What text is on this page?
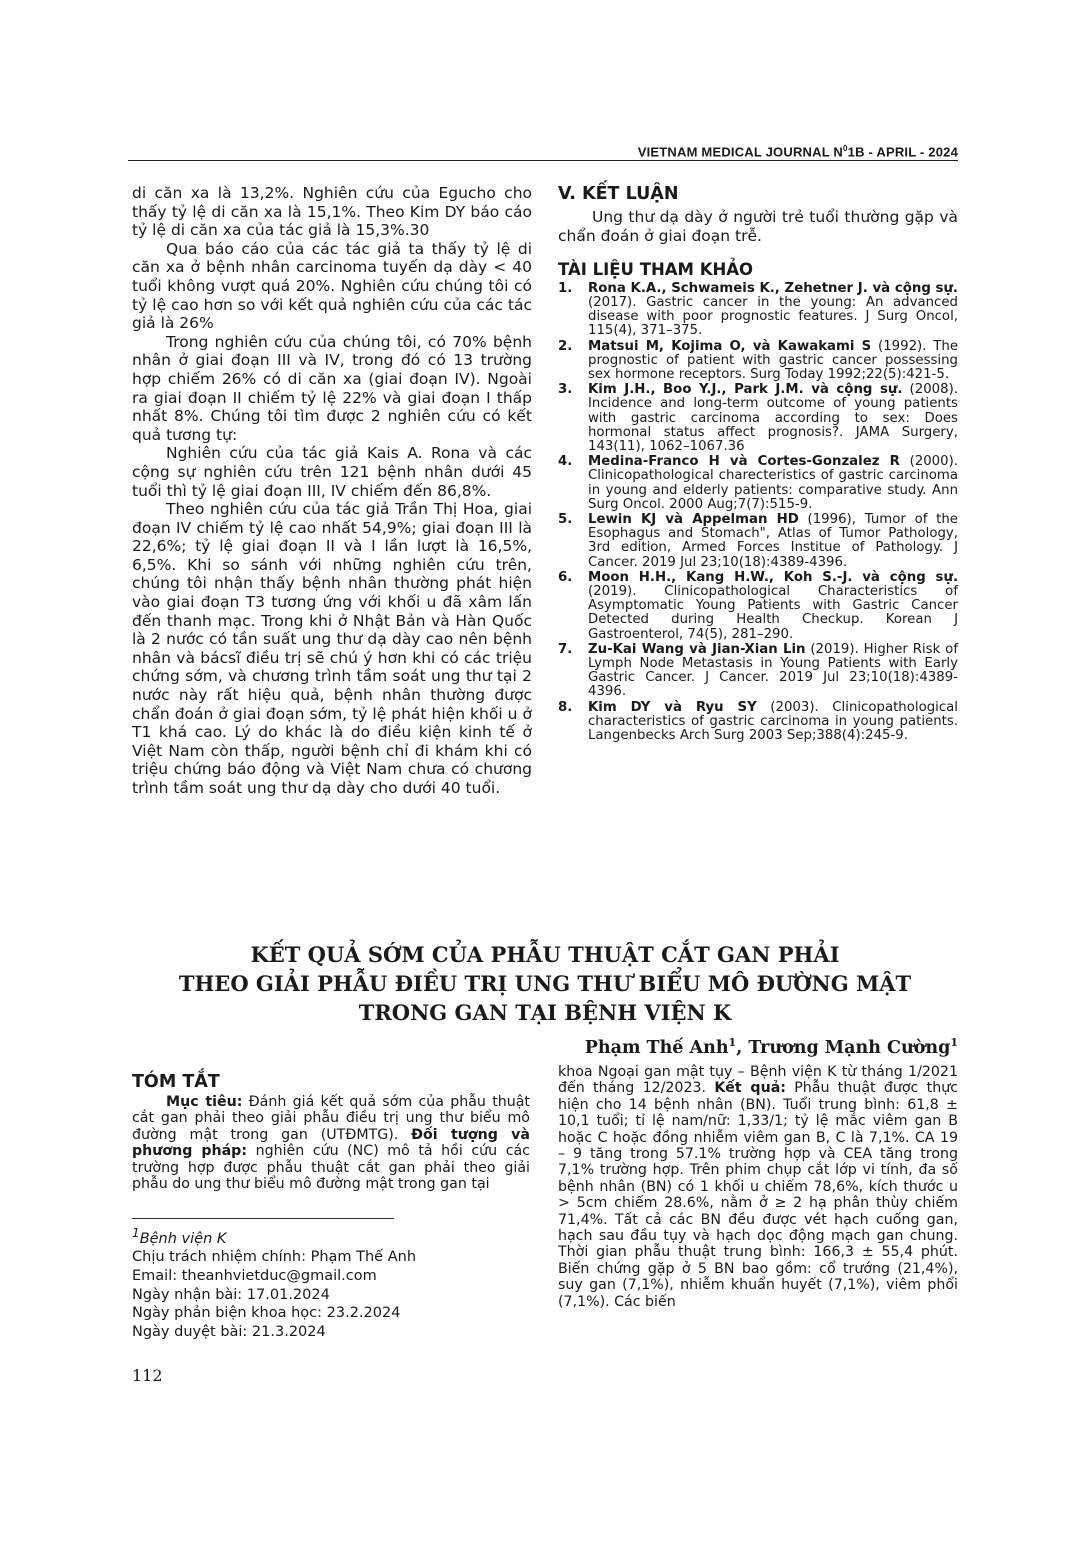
VIETNAM MEDICAL JOURNAL $N^01B$ - APRIL - 2024

di căn xa là 13,2%. Nghiên cứu của Egucho cho thấy tỷ lệ di căn xa là 15,1%. Theo Kim DY báo cáo tỷ lệ di căn xa của tác giả là 15,3%.30

Qua báo cáo của các tác giả ta thấy tỷ lệ di căn xa ở bệnh nhân carcinoma tuyến dạ dày < 40 tuổi không vượt quá 20%. Nghiên cứu chúng tôi có tỷ lệ cao hơn so với kết quả nghiên cứu của các tác giả là 26%

Trong nghiên cứu của chúng tôi, có 70% bệnh nhân ở giai đoạn III và IV, trong đó có 13 trường hợp chiếm 26% có di căn xa (giai đoạn IV). Ngoài ra giai đoạn II chiếm tỷ lệ 22% và giai đoạn I thấp nhất 8%. Chúng tôi tìm được 2 nghiên cứu có kết quả tương tự:

Nghiên cứu của tác giả Kais A. Rona và các cộng sự nghiên cứu trên 121 bệnh nhân dưới 45 tuổi thì tỷ lệ giai đoạn III, IV chiếm đến 86,8%.

Theo nghiên cứu của tác giả Trần Thị Hoa, giai đoạn IV chiếm tỷ lệ cao nhất 54,9%; giai đoạn III là 22,6%; tỷ lệ giai đoạn II và I lần lượt là 16,5%, 6,5%. Khi so sánh với những nghiên cứu trên, chúng tôi nhận thấy bệnh nhân thường phát hiện vào giai đoạn T3 tương ứng với khối u đã xâm lấn đến thanh mạc. Trong khi ở Nhật Bản và Hàn Quốc là 2 nước có tần suất ung thư dạ dày cao nên bệnh nhân và bácsĩ điều trị sẽ chú ý hơn khi có các triệu chứng sớm, và chương trình tầm soát ung thư tại 2 nước này rất hiệu quả, bệnh nhân thường được chẩn đoán ở giai đoạn sớm, tỷ lệ phát hiện khối u ở T1 khá cao. Lý do khác là do điều kiện kinh tế ở Việt Nam còn thấp, người bệnh chỉ đi khám khi có triệu chứng báo động và Việt Nam chưa có chương trình tầm soát ung thư dạ dày cho dưới 40 tuổi.

V. KẾT LUẬN

Ung thư dạ dày ở người trẻ tuổi thường gặp và chẩn đoán ở giai đoạn trễ.

TÀI LIỆU THAM KHẢO
1. Rona K.A., Schwameis K., Zehetner J. và cộng sự. (2017). Gastric cancer in the young: An advanced disease with poor prognostic features. J Surg Oncol, 115(4), 371–375.
2. Matsui M, Kojima O, và Kawakami S (1992). The prognostic of patient with gastric cancer possessing sex hormone receptors. Surg Today 1992;22(5):421-5.
3. Kim J.H., Boo Y.J., Park J.M. và cộng sự. (2008). Incidence and long-term outcome of young patients with gastric carcinoma according to sex: Does hormonal status affect prognosis?. JAMA Surgery, 143(11), 1062–1067.36
4. Medina-Franco H và Cortes-Gonzalez R (2000). Clinicopathological charecteristics of gastric carcinoma in young and elderly patients: comparative study. Ann Surg Oncol. 2000 Aug;7(7):515-9.
5. Lewin KJ và Appelman HD (1996), Tumor of the Esophagus and Stomach", Atlas of Tumor Pathology, 3rd edition, Armed Forces Institue of Pathology. J Cancer. 2019 Jul 23;10(18):4389-4396.
6. Moon H.H., Kang H.W., Koh S.-J. và cộng sự. (2019). Clinicopathological Characteristics of Asymptomatic Young Patients with Gastric Cancer Detected during Health Checkup. Korean J Gastroenterol, 74(5), 281–290.
7. Zu-Kai Wang và Jian-Xian Lin (2019). Higher Risk of Lymph Node Metastasis in Young Patients with Early Gastric Cancer. J Cancer. 2019 Jul 23;10(18):4389-4396.
8. Kim DY và Ryu SY (2003). Clinicopathological characteristics of gastric carcinoma in young patients. Langenbecks Arch Surg 2003 Sep;388(4):245-9.
KẾT QUẢ SỚM CỦA PHẪU THUẬT CẮT GAN PHẢI
THEO GIẢI PHẪU ĐIỀU TRỊ UNG THƯ BIỂU MÔ ĐƯỜNG MẬT
TRONG GAN TẠI BỆNH VIỆN K
Phạm Thế Anh$^1$, Trương Mạnh Cường$^1$
TÓM TẮT
Mục tiêu: Đánh giá kết quả sớm của phẫu thuật cắt gan phải theo giải phẫu điều trị ung thư biểu mô đường mật trong gan (UTĐMTG). Đối tượng và phương pháp: nghiên cứu (NC) mô tả hồi cứu các trường hợp được phẫu thuật cắt gan phải theo giải phẫu do ung thư biểu mô đường mật trong gan tại
khoa Ngoại gan mật tụy – Bệnh viện K từ tháng 1/2021 đến tháng 12/2023. Kết quả: Phẫu thuật được thực hiện cho 14 bệnh nhân (BN). Tuổi trung bình: 61,8 ± 10,1 tuổi; tỉ lệ nam/nữ: 1,33/1; tỷ lệ mắc viêm gan B hoặc C hoặc đồng nhiễm viêm gan B, C là 7,1%. CA 19 – 9 tăng trong 57.1% trường hợp và CEA tăng trong 7,1% trường hợp. Trên phim chụp cắt lớp vi tính, đa số bệnh nhân (BN) có 1 khối u chiếm 78,6%, kích thước u > 5cm chiếm 28.6%, nằm ở ≥ 2 hạ phân thùy chiếm 71,4%. Tất cả các BN đều được vét hạch cuống gan, hạch sau đầu tụy và hạch dọc động mạch gan chung. Thời gian phẫu thuật trung bình: 166,3 ± 55,4 phút. Biến chứng gặp ở 5 BN bao gồm: cổ trướng (21,4%), suy gan (7,1%), nhiễm khuẩn huyết (7,1%), viêm phổi (7,1%). Các biến
$^1$Bệnh viện K
Chịu trách nhiệm chính: Phạm Thế Anh
Email: theanhvietduc@gmail.com
Ngày nhận bài: 17.01.2024
Ngày phản biện khoa học: 23.2.2024
Ngày duyệt bài: 21.3.2024
112
